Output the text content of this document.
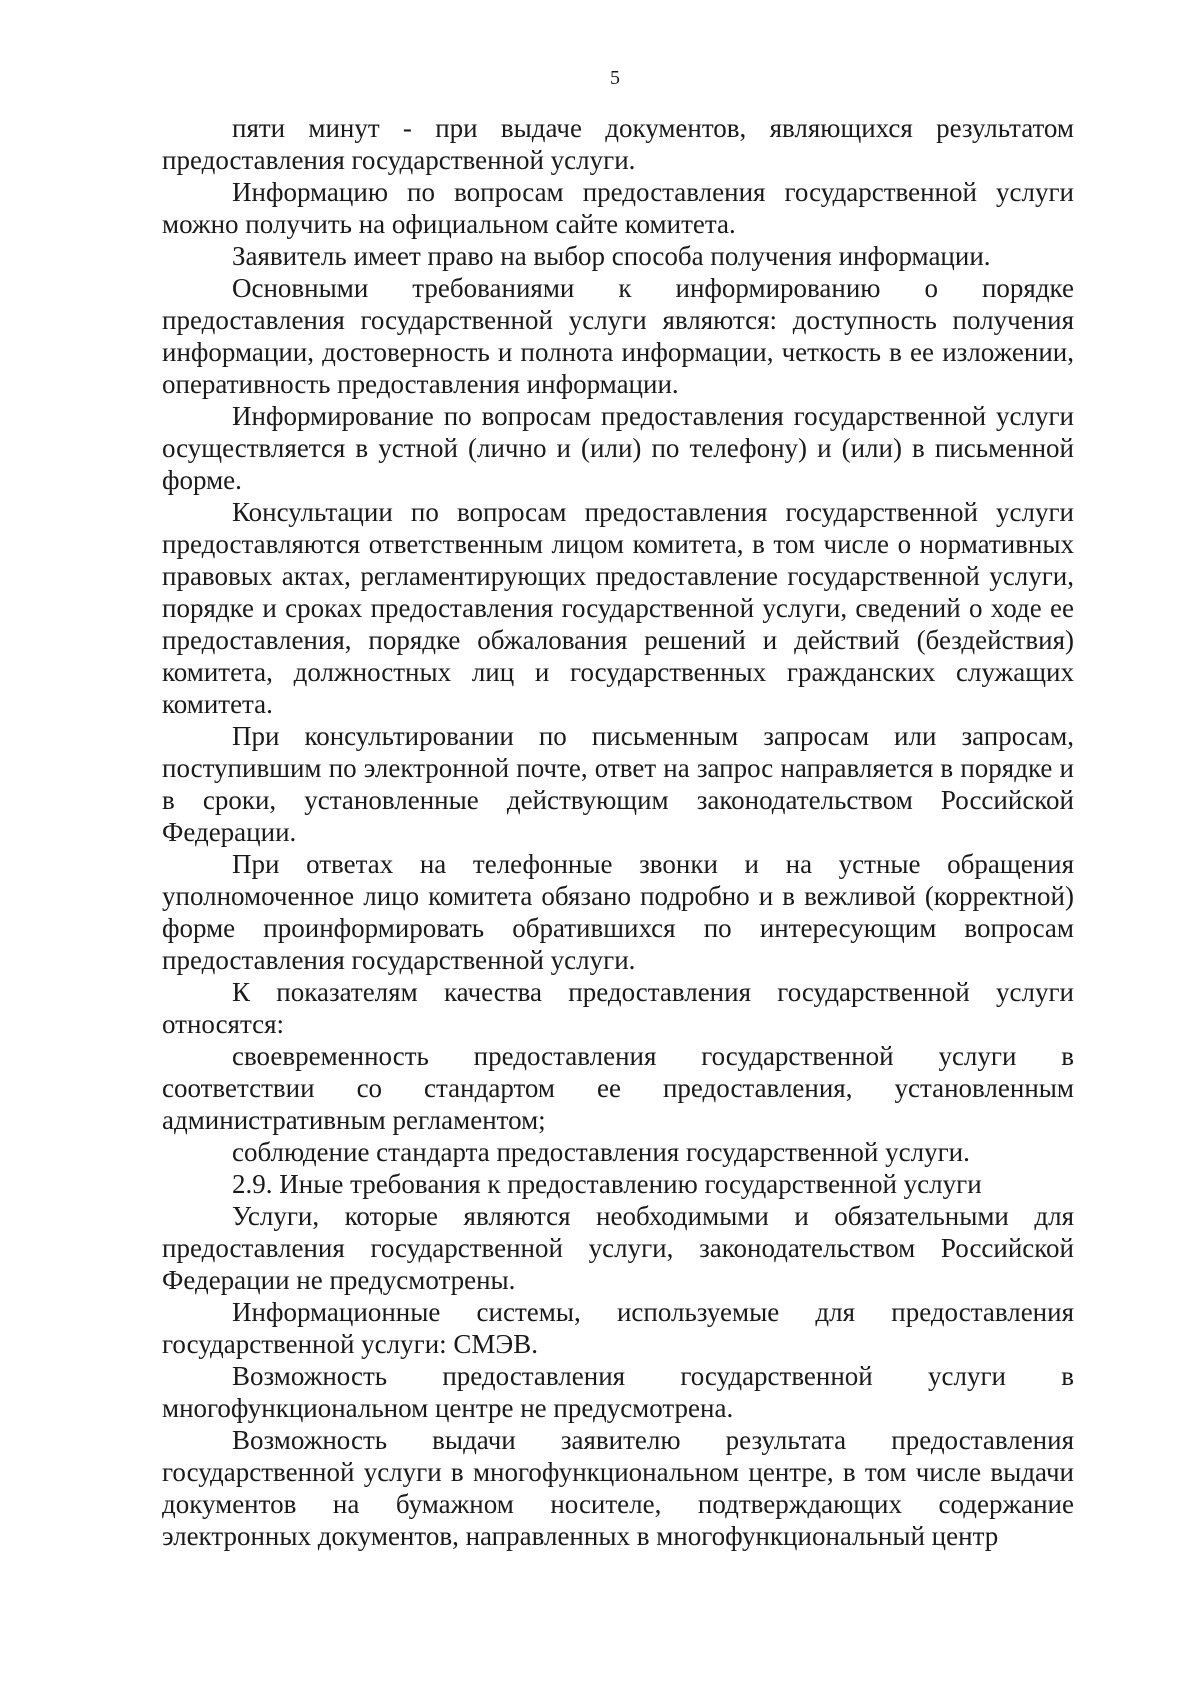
5

пяти минут - при выдаче документов, являющихся результатом предоставления государственной услуги.

Информацию по вопросам предоставления государственной услуги можно получить на официальном сайте комитета.

Заявитель имеет право на выбор способа получения информации.

Основными требованиями к информированию о порядке предоставления государственной услуги являются: доступность получения информации, достоверность и полнота информации, четкость в ее изложении, оперативность предоставления информации.

Информирование по вопросам предоставления государственной услуги осуществляется в устной (лично и (или) по телефону) и (или) в письменной форме.

Консультации по вопросам предоставления государственной услуги предоставляются ответственным лицом комитета, в том числе о нормативных правовых актах, регламентирующих предоставление государственной услуги, порядке и сроках предоставления государственной услуги, сведений о ходе ее предоставления, порядке обжалования решений и действий (бездействия) комитета, должностных лиц и государственных гражданских служащих комитета.

При консультировании по письменным запросам или запросам, поступившим по электронной почте, ответ на запрос направляется в порядке и в сроки, установленные действующим законодательством Российской Федерации.

При ответах на телефонные звонки и на устные обращения уполномоченное лицо комитета обязано подробно и в вежливой (корректной) форме проинформировать обратившихся по интересующим вопросам предоставления государственной услуги.

К показателям качества предоставления государственной услуги относятся:

своевременность предоставления государственной услуги в соответствии со стандартом ее предоставления, установленным административным регламентом;

соблюдение стандарта предоставления государственной услуги.

2.9. Иные требования к предоставлению государственной услуги

Услуги, которые являются необходимыми и обязательными для предоставления государственной услуги, законодательством Российской Федерации не предусмотрены.

Информационные системы, используемые для предоставления государственной услуги: СМЭВ.

Возможность предоставления государственной услуги в многофункциональном центре не предусмотрена.

Возможность выдачи заявителю результата предоставления государственной услуги в многофункциональном центре, в том числе выдачи документов на бумажном носителе, подтверждающих содержание электронных документов, направленных в многофункциональный центр
